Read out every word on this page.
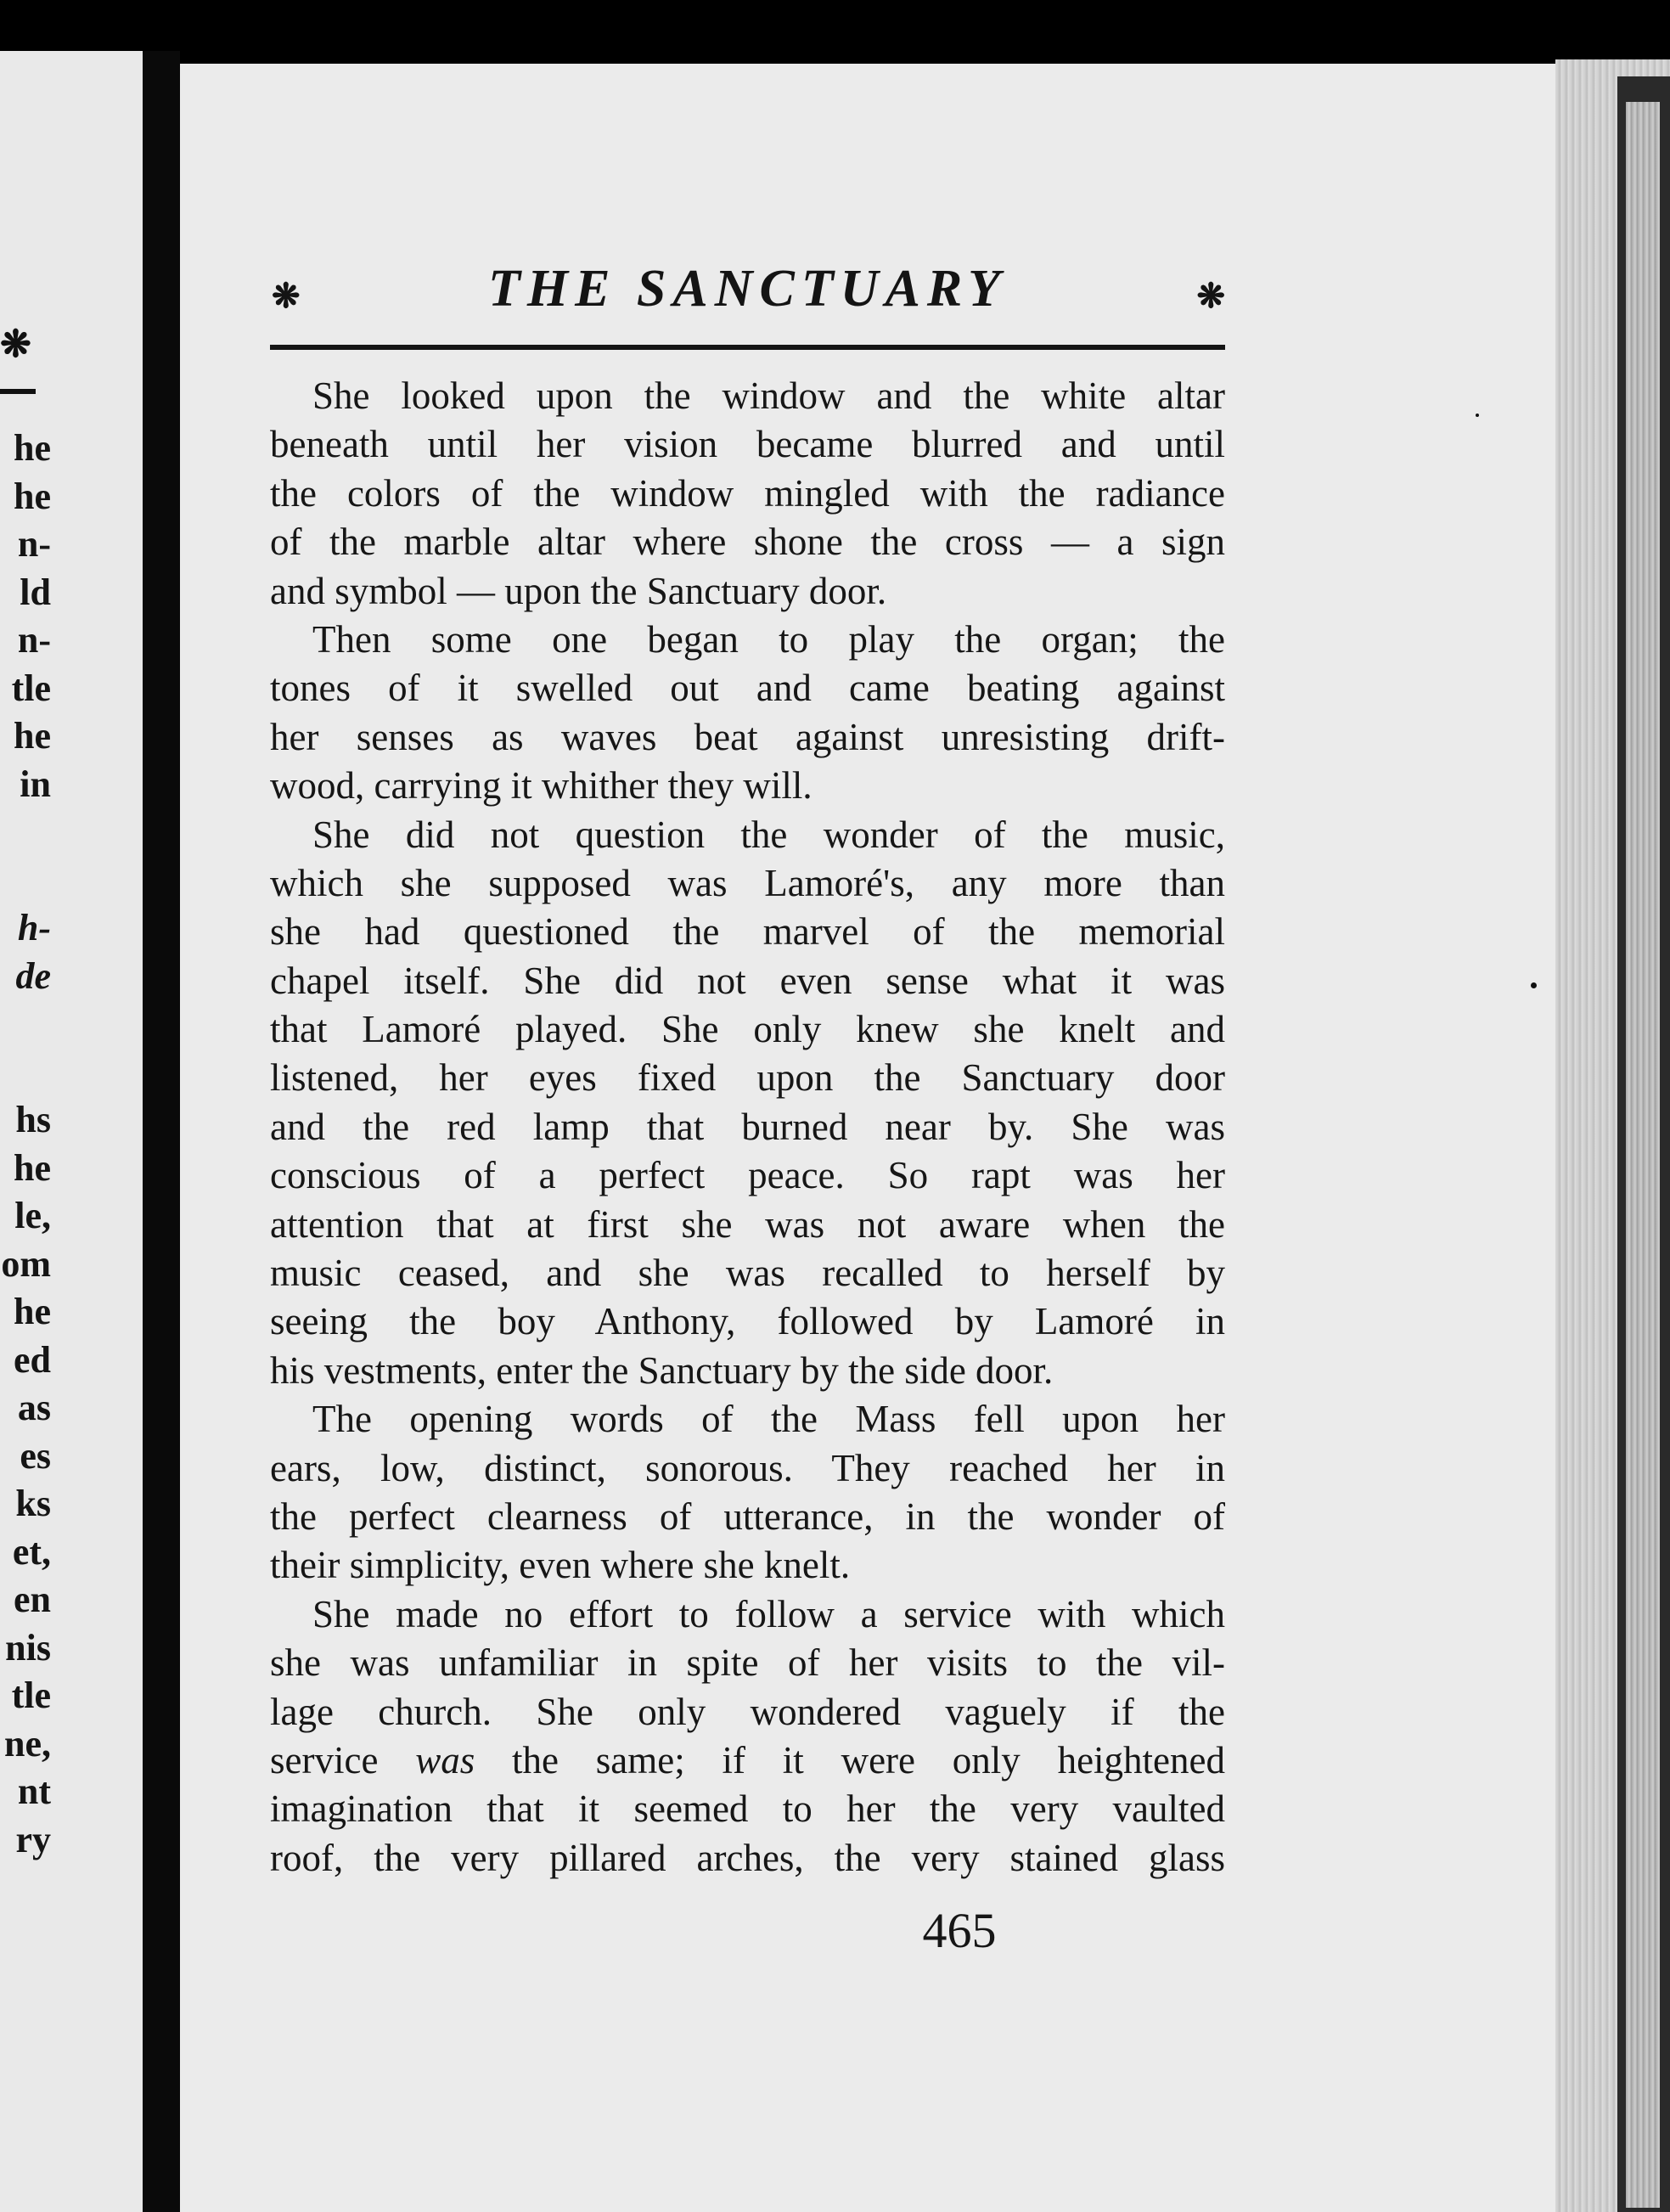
❋
he
he
n-
ld
n-
tle
he
in
h-
de
hs
he
le,
om
he
ed
as
es
ks
et,
en
nis
tle
ne,
nt
ry
❋	THE SANCTUARY	❋
She looked upon the window and the white altar
beneath until her vision became blurred and until
the colors of the window mingled with the radiance
of the marble altar where shone the cross — a sign
and symbol — upon the Sanctuary door.
Then some one began to play the organ; the
tones of it swelled out and came beating against
her senses as waves beat against unresisting drift-
wood, carrying it whither they will.
She did not question the wonder of the music,
which she supposed was Lamoré's, any more than
she had questioned the marvel of the memorial
chapel itself. She did not even sense what it was
that Lamoré played. She only knew she knelt and
listened, her eyes fixed upon the Sanctuary door
and the red lamp that burned near by. She was
conscious of a perfect peace. So rapt was her
attention that at first she was not aware when the
music ceased, and she was recalled to herself by
seeing the boy Anthony, followed by Lamoré in
his vestments, enter the Sanctuary by the side door.
The opening words of the Mass fell upon her
ears, low, distinct, sonorous. They reached her in
the perfect clearness of utterance, in the wonder of
their simplicity, even where she knelt.
She made no effort to follow a service with which
she was unfamiliar in spite of her visits to the vil-
lage church. She only wondered vaguely if the
service was the same; if it were only heightened
imagination that it seemed to her the very vaulted
roof, the very pillared arches, the very stained glass
465
